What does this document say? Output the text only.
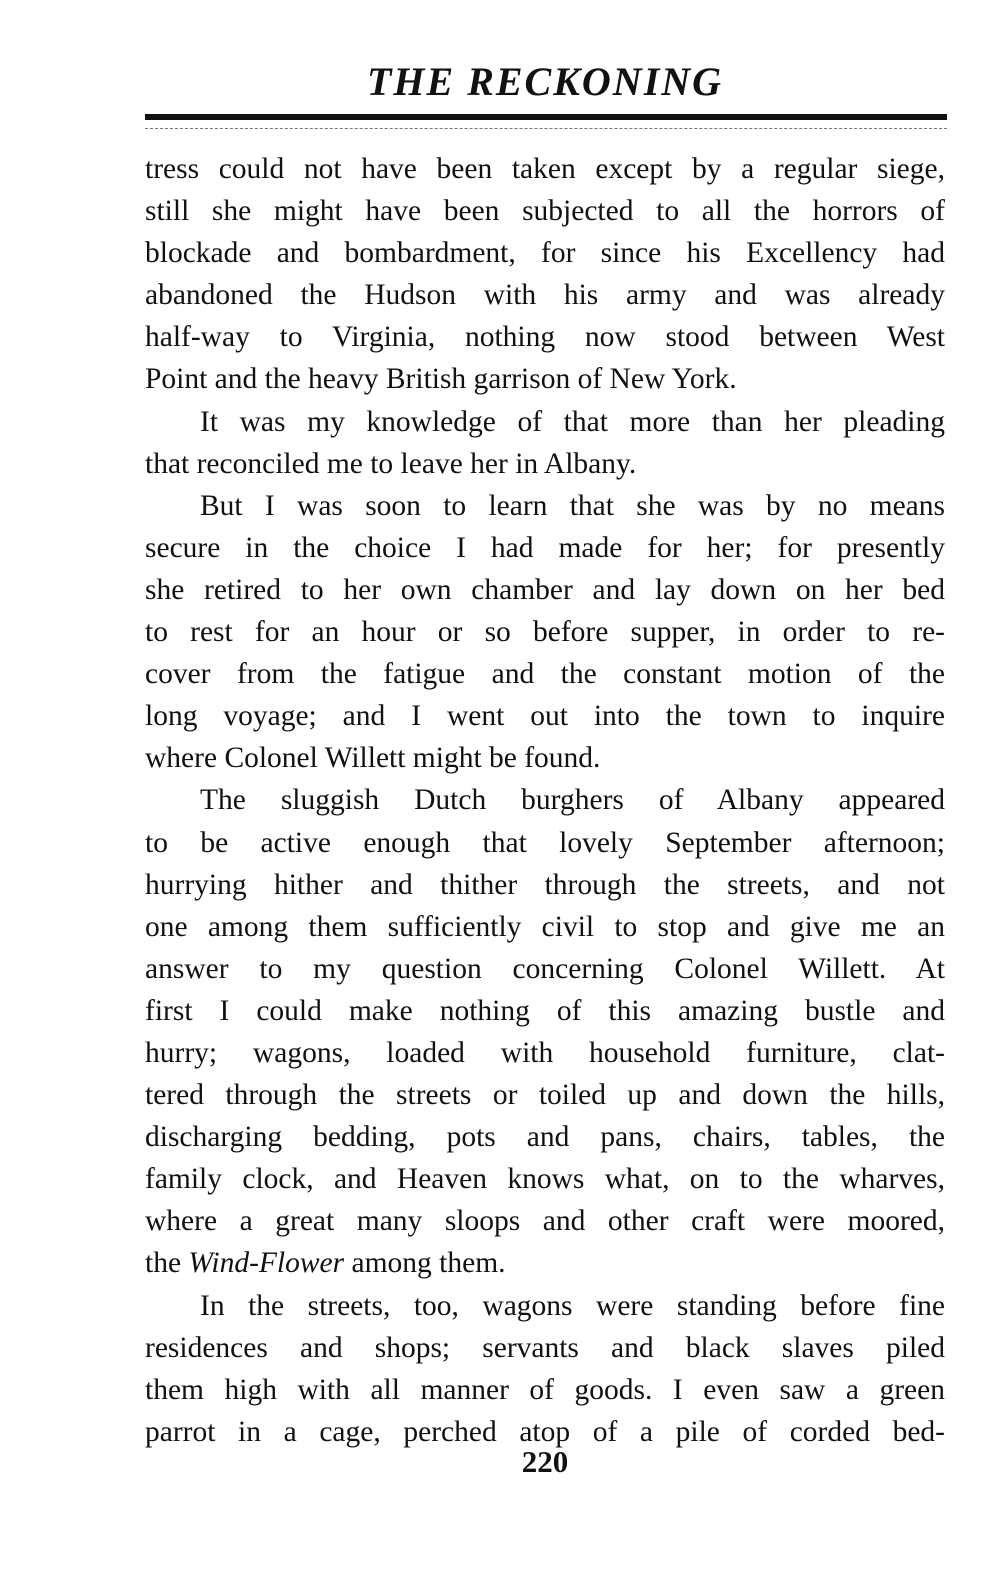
THE RECKONING
tress could not have been taken except by a regular siege,
still she might have been subjected to all the horrors of
blockade and bombardment, for since his Excellency had
abandoned the Hudson with his army and was already
half-way to Virginia, nothing now stood between West
Point and the heavy British garrison of New York.
It was my knowledge of that more than her pleading
that reconciled me to leave her in Albany.
But I was soon to learn that she was by no means
secure in the choice I had made for her; for presently
she retired to her own chamber and lay down on her bed
to rest for an hour or so before supper, in order to re-
cover from the fatigue and the constant motion of the
long voyage; and I went out into the town to inquire
where Colonel Willett might be found.
The sluggish Dutch burghers of Albany appeared
to be active enough that lovely September afternoon;
hurrying hither and thither through the streets, and not
one among them sufficiently civil to stop and give me an
answer to my question concerning Colonel Willett. At
first I could make nothing of this amazing bustle and
hurry; wagons, loaded with household furniture, clat-
tered through the streets or toiled up and down the hills,
discharging bedding, pots and pans, chairs, tables, the
family clock, and Heaven knows what, on to the wharves,
where a great many sloops and other craft were moored,
the Wind-Flower among them.
In the streets, too, wagons were standing before fine
residences and shops; servants and black slaves piled
them high with all manner of goods. I even saw a green
parrot in a cage, perched atop of a pile of corded bed-
220
